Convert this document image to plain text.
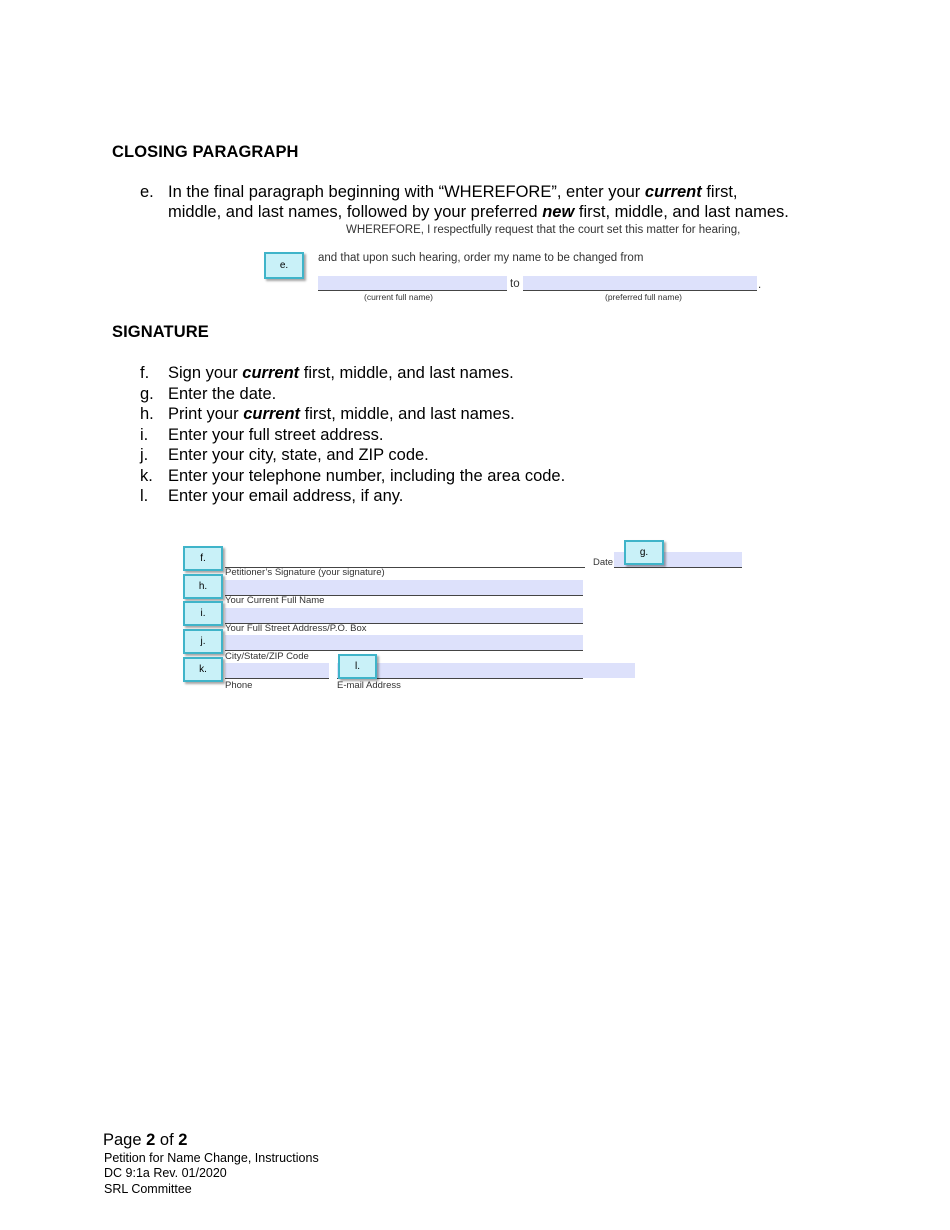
CLOSING PARAGRAPH
e. In the final paragraph beginning with “WHEREFORE”, enter your current first,
middle, and last names, followed by your preferred new first, middle, and last names.
WHEREFORE, I respectfully request that the court set this matter for hearing,
e.
and that upon such hearing, order my name to be changed from
to	.
(current full name)	(preferred full name)
SIGNATURE
f. Sign your current first, middle, and last names.
g. Enter the date.
h. Print your current first, middle, and last names.
i. Enter your full street address.
j. Enter your city, state, and ZIP code.
k. Enter your telephone number, including the area code.
l. Enter your email address, if any.
Petitioner’s Signature (your signature)
Date
Your Current Full Name
Your Full Street Address/P.O. Box
City/State/ZIP Code
Phone	E-mail Address
f.
g.
h.
i.
j.
k.	l.
Page 2 of 2
Petition for Name Change, Instructions
DC 9:1a Rev. 01/2020
SRL Committee
